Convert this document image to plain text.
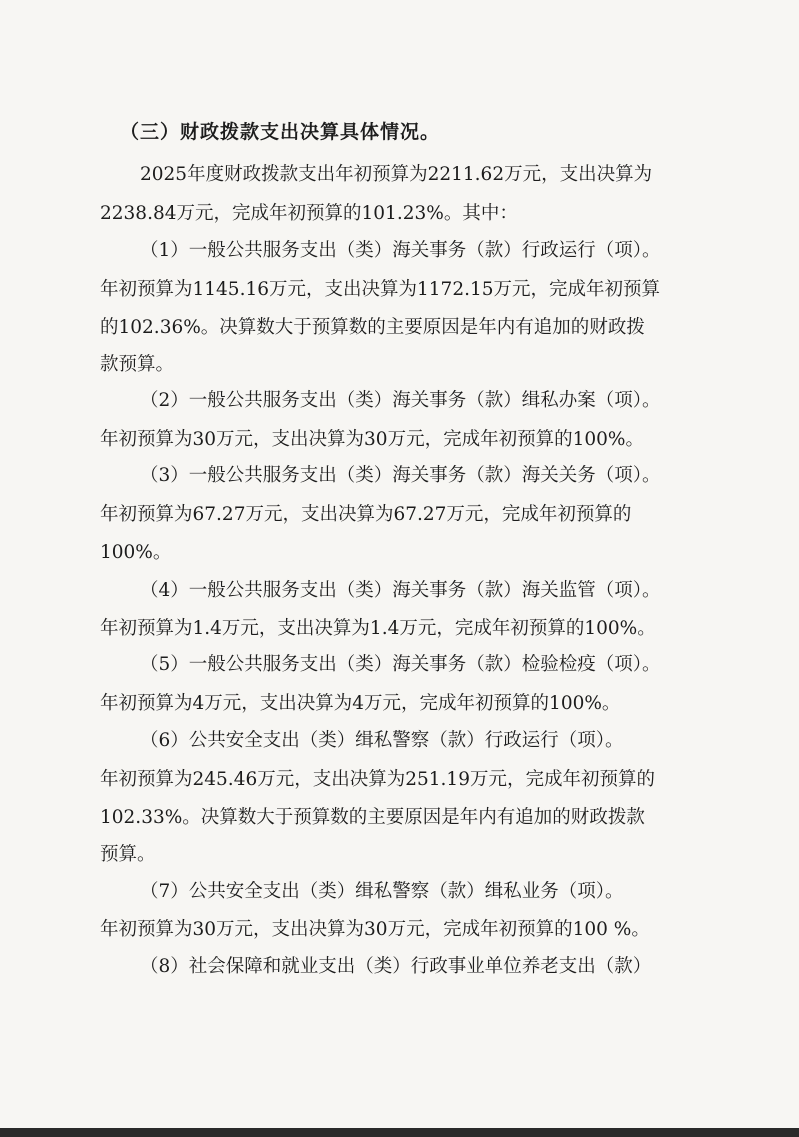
（三）财政拨款支出决算具体情况。
2025年度财政拨款支出年初预算为2211.62万元，支出决算为
2238.84万元，完成年初预算的101.23%。其中：
（1）一般公共服务支出（类）海关事务（款）行政运行（项）。
年初预算为1145.16万元，支出决算为1172.15万元，完成年初预算
的102.36%。决算数大于预算数的主要原因是年内有追加的财政拨
款预算。
（2）一般公共服务支出（类）海关事务（款）缉私办案（项）。
年初预算为30万元，支出决算为30万元，完成年初预算的100%。
（3）一般公共服务支出（类）海关事务（款）海关关务（项）。
年初预算为67.27万元，支出决算为67.27万元，完成年初预算的
100%。
（4）一般公共服务支出（类）海关事务（款）海关监管（项）。
年初预算为1.4万元，支出决算为1.4万元，完成年初预算的100%。
（5）一般公共服务支出（类）海关事务（款）检验检疫（项）。
年初预算为4万元，支出决算为4万元，完成年初预算的100%。
（6）公共安全支出（类）缉私警察（款）行政运行（项）。
年初预算为245.46万元，支出决算为251.19万元，完成年初预算的
102.33%。决算数大于预算数的主要原因是年内有追加的财政拨款
预算。
（7）公共安全支出（类）缉私警察（款）缉私业务（项）。
年初预算为30万元，支出决算为30万元，完成年初预算的100 %。
（8）社会保障和就业支出（类）行政事业单位养老支出（款）
